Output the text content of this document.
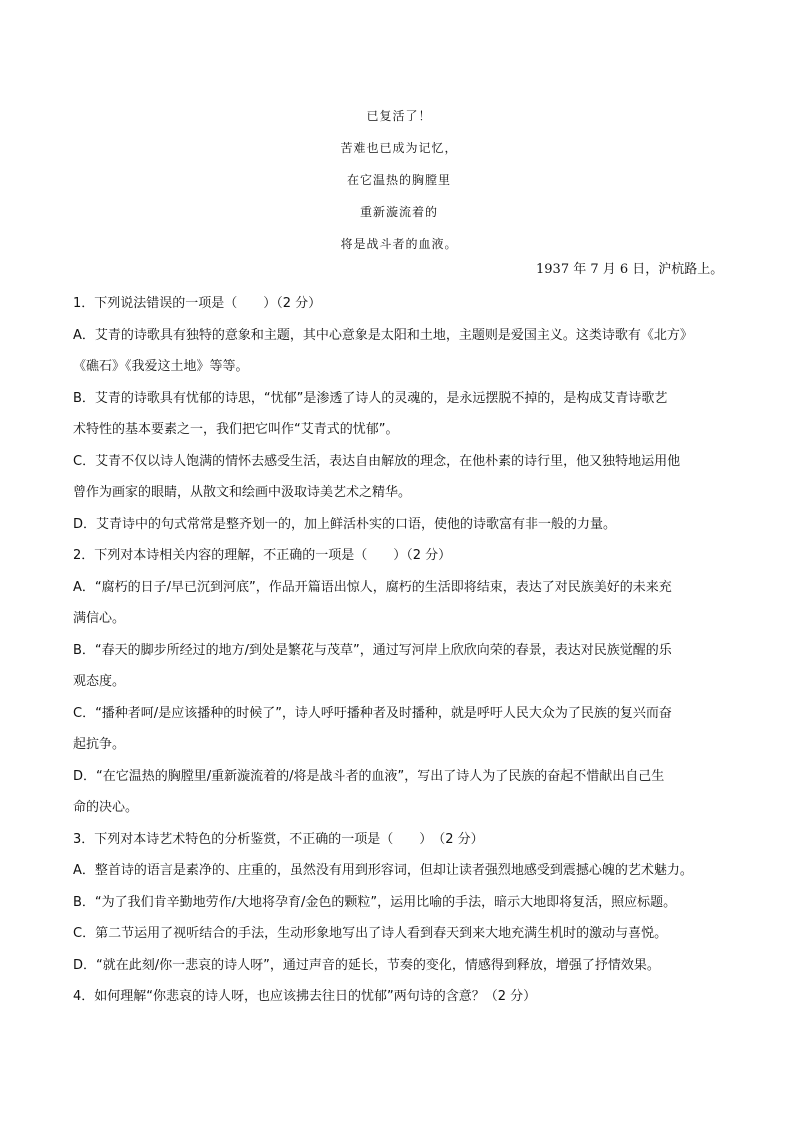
已复活了！
苦难也已成为记忆，
在它温热的胸膛里
重新漩流着的
将是战斗者的血液。
1937 年 7 月 6 日，沪杭路上。
1．下列说法错误的一项是（　　）（2 分）
A．艾青的诗歌具有独特的意象和主题，其中心意象是太阳和土地，主题则是爱国主义。这类诗歌有《北方》
《礁石》《我爱这土地》等等。
B．艾青的诗歌具有忧郁的诗思，“忧郁”是渗透了诗人的灵魂的，是永远摆脱不掉的，是构成艾青诗歌艺
术特性的基本要素之一，我们把它叫作“艾青式的忧郁”。
C．艾青不仅以诗人饱满的情怀去感受生活，表达自由解放的理念，在他朴素的诗行里，他又独特地运用他
曾作为画家的眼睛，从散文和绘画中汲取诗美艺术之精华。
D．艾青诗中的句式常常是整齐划一的，加上鲜活朴实的口语，使他的诗歌富有非一般的力量。
2．下列对本诗相关内容的理解，不正确的一项是（　　）（2 分）
A．“腐朽的日子/早已沉到河底”，作品开篇语出惊人，腐朽的生活即将结束，表达了对民族美好的未来充
满信心。
B．“春天的脚步所经过的地方/到处是繁花与茂草”，通过写河岸上欣欣向荣的春景，表达对民族觉醒的乐
观态度。
C．“播种者呵/是应该播种的时候了”，诗人呼吁播种者及时播种，就是呼吁人民大众为了民族的复兴而奋
起抗争。
D．“在它温热的胸膛里/重新漩流着的/将是战斗者的血液”，写出了诗人为了民族的奋起不惜献出自己生
命的决心。
3．下列对本诗艺术特色的分析鉴赏，不正确的一项是（　　）　（2 分）
A．整首诗的语言是素净的、庄重的，虽然没有用到形容词，但却让读者强烈地感受到震撼心魄的艺术魅力。
B．“为了我们肯辛勤地劳作/大地将孕育/金色的颗粒”，运用比喻的手法，暗示大地即将复活，照应标题。
C．第二节运用了视听结合的手法，生动形象地写出了诗人看到春天到来大地充满生机时的激动与喜悦。
D．“就在此刻/你一悲哀的诗人呀”，通过声音的延长，节奏的变化，情感得到释放，增强了抒情效果。
4．如何理解“你悲哀的诗人呀，也应该拂去往日的忧郁”两句诗的含意？（2 分）
